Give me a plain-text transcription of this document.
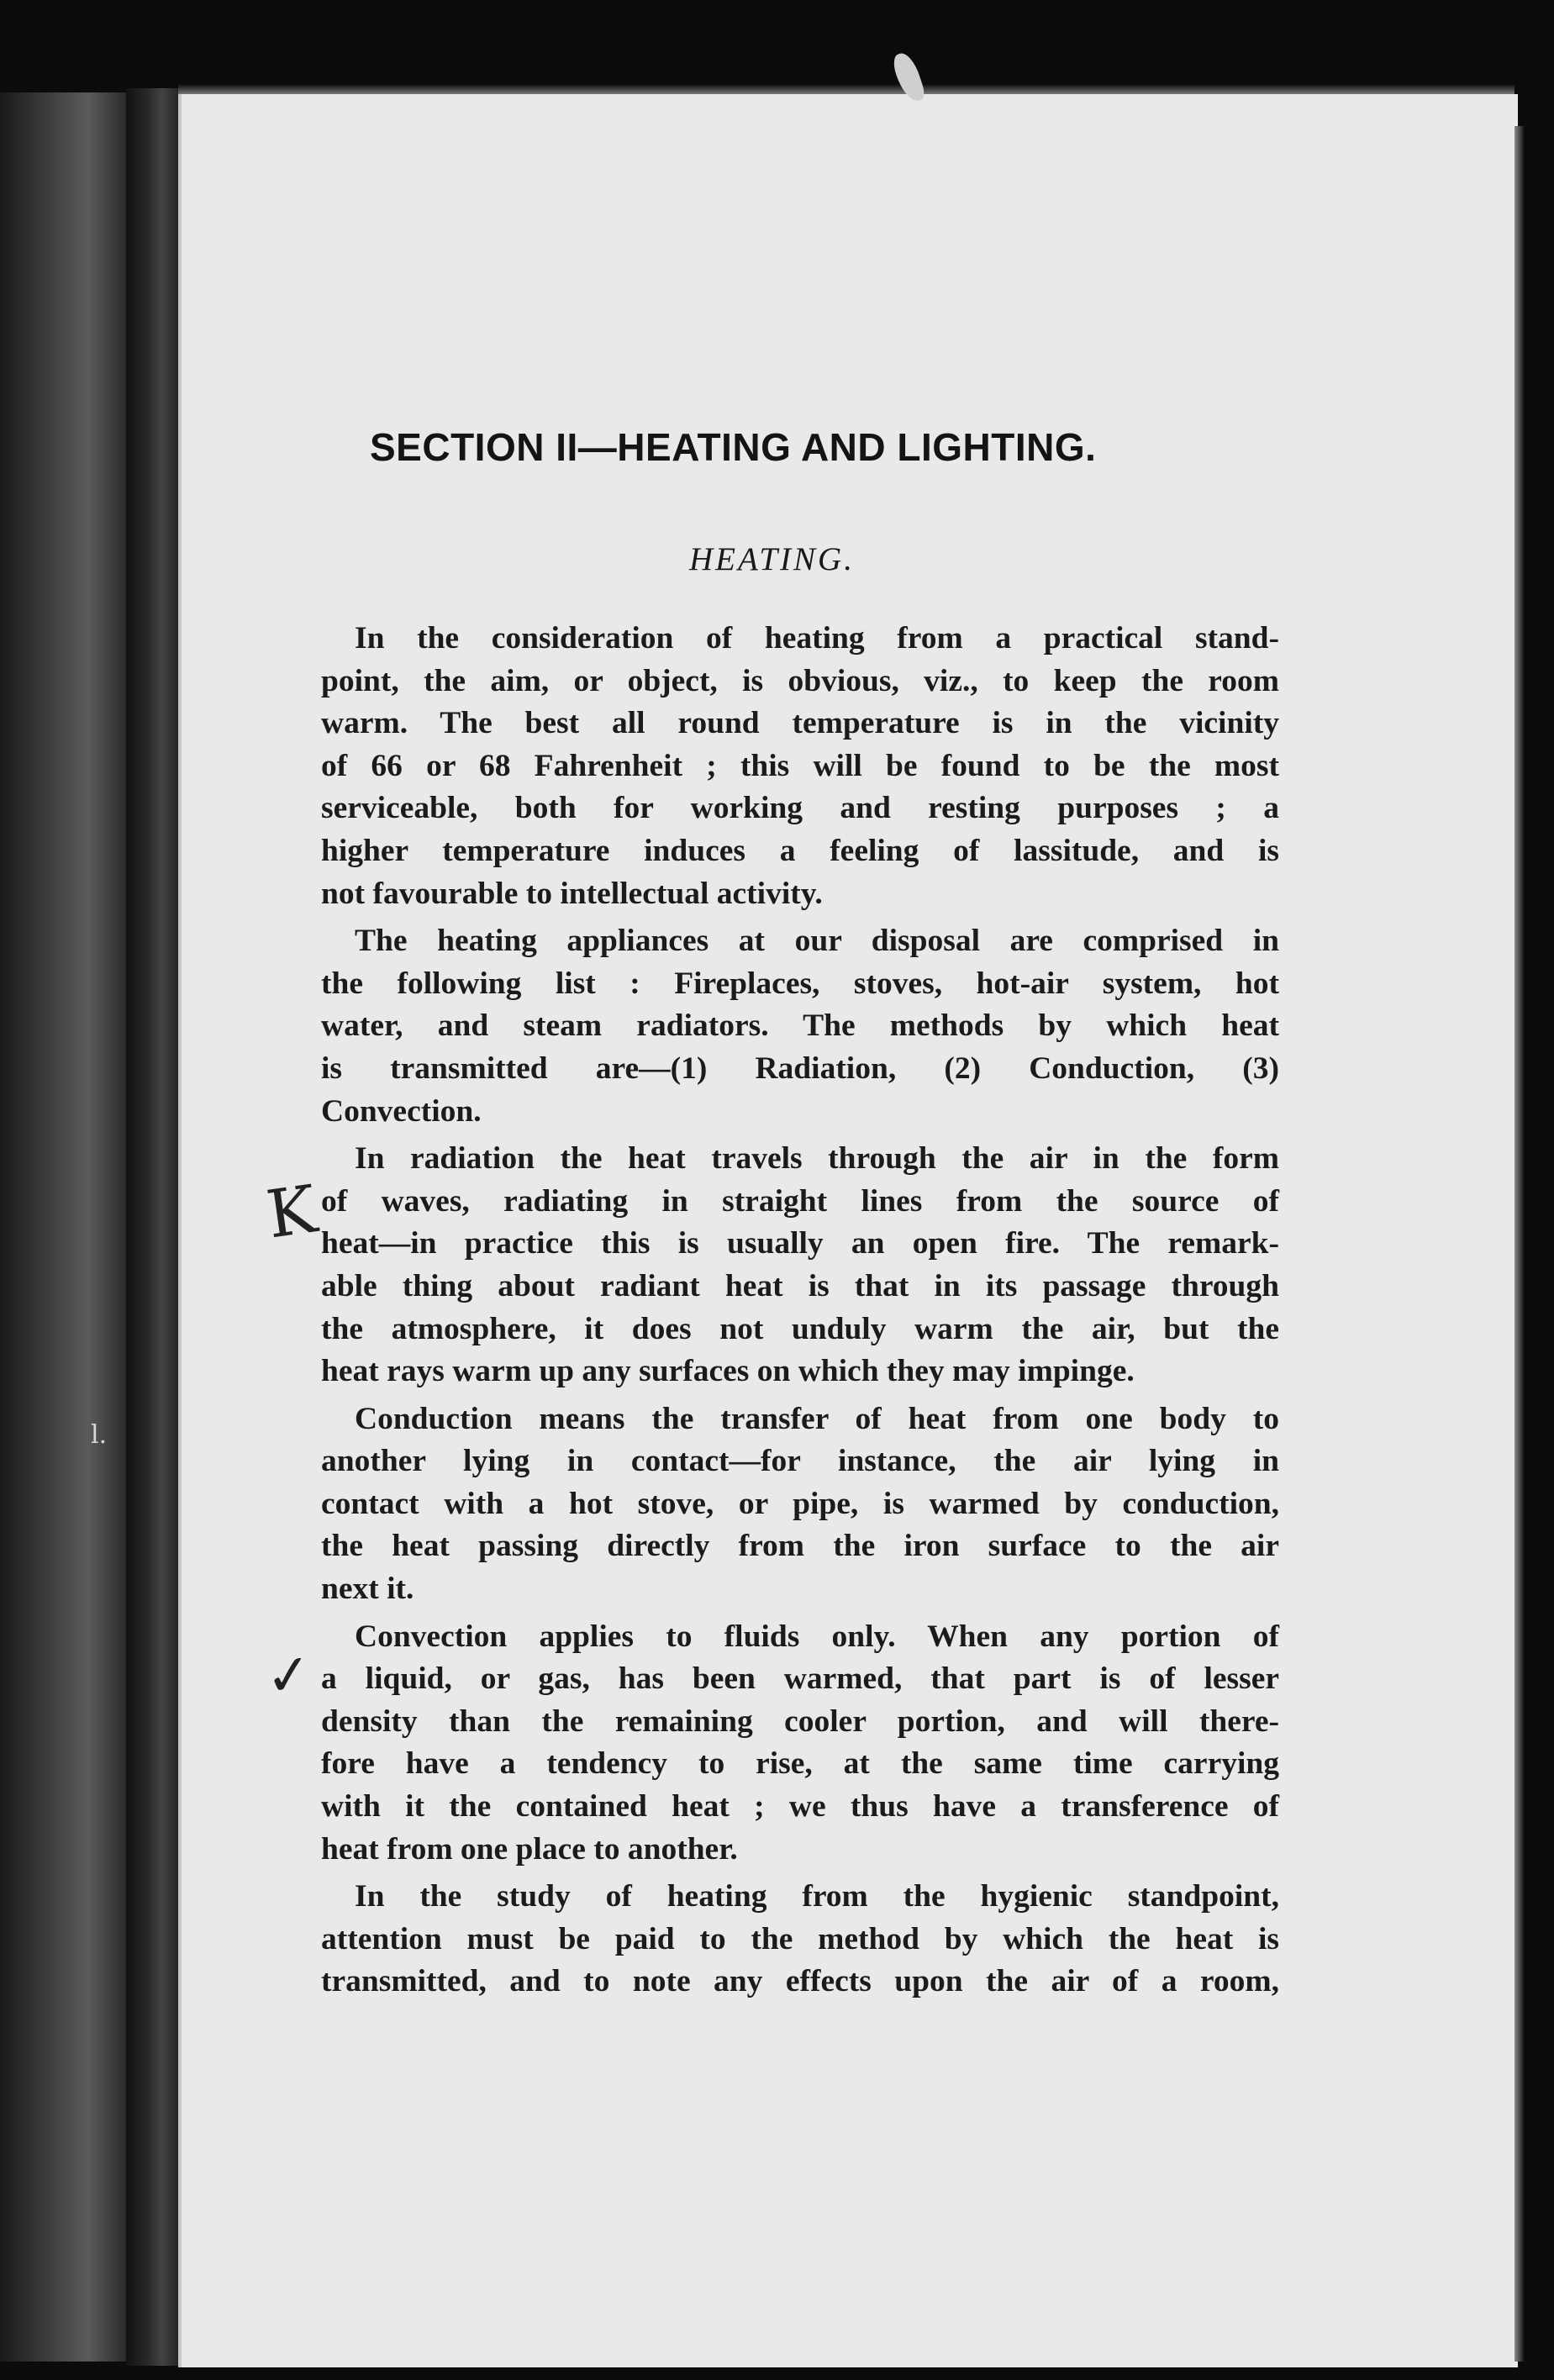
l.
SECTION II—HEATING AND LIGHTING.
HEATING.
K
✓
In the consideration of heating from a practical stand-
point, the aim, or object, is obvious, viz., to keep the room
warm. The best all round temperature is in the vicinity
of 66 or 68 Fahrenheit ; this will be found to be the most
serviceable, both for working and resting purposes ; a
higher temperature induces a feeling of lassitude, and is
not favourable to intellectual activity.
The heating appliances at our disposal are comprised in
the following list : Fireplaces, stoves, hot-air system, hot
water, and steam radiators. The methods by which heat
is transmitted are—(1) Radiation, (2) Conduction, (3)
Convection.
In radiation the heat travels through the air in the form
of waves, radiating in straight lines from the source of
heat—in practice this is usually an open fire. The remark-
able thing about radiant heat is that in its passage through
the atmosphere, it does not unduly warm the air, but the
heat rays warm up any surfaces on which they may impinge.
Conduction means the transfer of heat from one body to
another lying in contact—for instance, the air lying in
contact with a hot stove, or pipe, is warmed by conduction,
the heat passing directly from the iron surface to the air
next it.
Convection applies to fluids only. When any portion of
a liquid, or gas, has been warmed, that part is of lesser
density than the remaining cooler portion, and will there-
fore have a tendency to rise, at the same time carrying
with it the contained heat ; we thus have a transference of
heat from one place to another.
In the study of heating from the hygienic standpoint,
attention must be paid to the method by which the heat is
transmitted, and to note any effects upon the air of a room,
